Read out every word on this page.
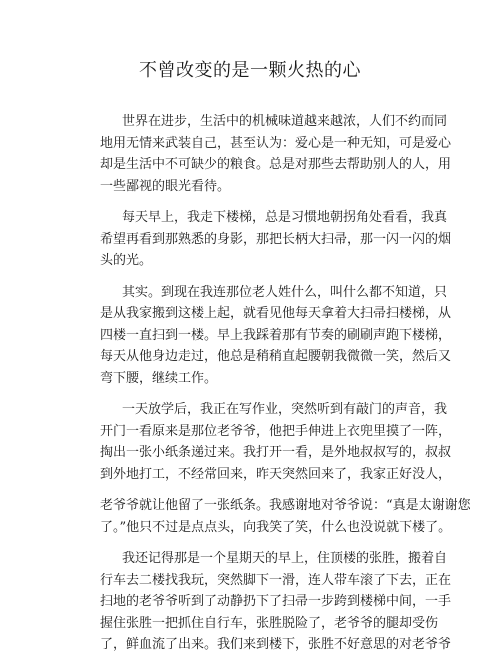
不曾改变的是一颗火热的心

世界在进步，生活中的机械味道越来越浓，人们不约而同

地用无情来武装自己，甚至认为：爱心是一种无知，可是爱心

却是生活中不可缺少的粮食。总是对那些去帮助别人的人，用

一些鄙视的眼光看待。

每天早上，我走下楼梯，总是习惯地朝拐角处看看，我真

希望再看到那熟悉的身影，那把长柄大扫帚，那一闪一闪的烟

头的光。

其实。到现在我连那位老人姓什么，叫什么都不知道，只

是从我家搬到这楼上起，就看见他每天拿着大扫帚扫楼梯，从

四楼一直扫到一楼。早上我踩着那有节奏的刷刷声跑下楼梯，

每天从他身边走过，他总是稍稍直起腰朝我微微一笑，然后又

弯下腰，继续工作。

一天放学后，我正在写作业，突然听到有敲门的声音，我

开门一看原来是那位老爷爷，他把手伸进上衣兜里摸了一阵，

掏出一张小纸条递过来。我打开一看，是外地叔叔写的，叔叔

到外地打工，不经常回来，昨天突然回来了，我家正好没人，

老爷爷就让他留了一张纸条。我感谢地对爷爷说：“真是太谢谢您

了。”他只不过是点点头，向我笑了笑，什么也没说就下楼了。

我还记得那是一个星期天的早上，住顶楼的张胜，搬着自

行车去二楼找我玩，突然脚下一滑，连人带车滚了下去，正在

扫地的老爷爷听到了动静扔下了扫帚一步跨到楼梯中间，一手

握住张胜一把抓住自行车，张胜脱险了，老爷爷的腿却受伤

了，鲜血流了出来。我们来到楼下，张胜不好意思的对老爷爷
